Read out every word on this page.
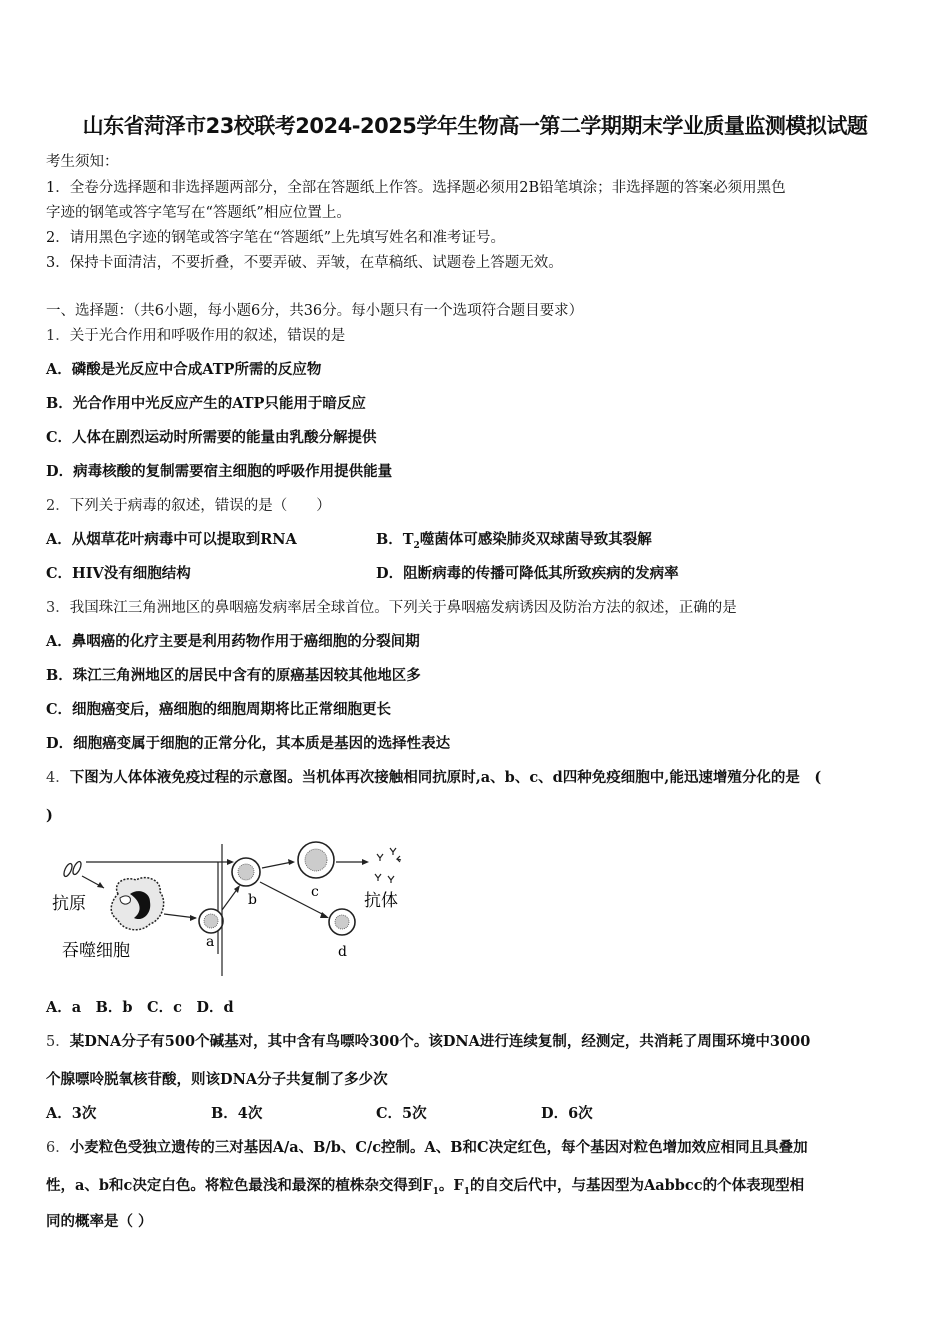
山东省菏泽市23校联考2024-2025学年生物高一第二学期期末学业质量监测模拟试题
考生须知：
1．全卷分选择题和非选择题两部分，全部在答题纸上作答。选择题必须用2B铅笔填涂；非选择题的答案必须用黑色
字迹的钢笔或答字笔写在“答题纸”相应位置上。
2．请用黑色字迹的钢笔或答字笔在“答题纸”上先填写姓名和准考证号。
3．保持卡面清洁，不要折叠，不要弄破、弄皱，在草稿纸、试题卷上答题无效。
一、选择题：（共6小题，每小题6分，共36分。每小题只有一个选项符合题目要求）
1．关于光合作用和呼吸作用的叙述，错误的是
A．磷酸是光反应中合成ATP所需的反应物
B．光合作用中光反应产生的ATP只能用于暗反应
C．人体在剧烈运动时所需要的能量由乳酸分解提供
D．病毒核酸的复制需要宿主细胞的呼吸作用提供能量
2．下列关于病毒的叙述，错误的是（　　）
A．从烟草花叶病毒中可以提取到RNA	B．$T_2$噬菌体可感染肺炎双球菌导致其裂解
C．HIV没有细胞结构	D．阻断病毒的传播可降低其所致疾病的发病率
3．我国珠江三角洲地区的鼻咽癌发病率居全球首位。下列关于鼻咽癌发病诱因及防治方法的叙述，正确的是
A．鼻咽癌的化疗主要是利用药物作用于癌细胞的分裂间期
B．珠江三角洲地区的居民中含有的原癌基因较其他地区多
C．细胞癌变后，癌细胞的细胞周期将比正常细胞更长
D．细胞癌变属于细胞的正常分化，其本质是基因的选择性表达
4．下图为人体体液免疫过程的示意图。当机体再次接触相同抗原时,a、b、c、d四种免疫细胞中,能迅速增殖分化的是　(
)
抗原
吞噬细胞	a
b	c	抗体
d
A．a　B．b　C．c　D．d
5．某DNA分子有500个碱基对，其中含有鸟嘌呤300个。该DNA进行连续复制，经测定，共消耗了周围环境中3000
个腺嘌呤脱氧核苷酸，则该DNA分子共复制了多少次
A．3次	B．4次	C．5次	D．6次
6．小麦粒色受独立遗传的三对基因A/a、B/b、C/c控制。A、B和C决定红色，每个基因对粒色增加效应相同且具叠加
性，a、b和c决定白色。将粒色最浅和最深的植株杂交得到$F_1$。$F_1$的自交后代中，与基因型为Aabbcc的个体表现型相
同的概率是（ ）
